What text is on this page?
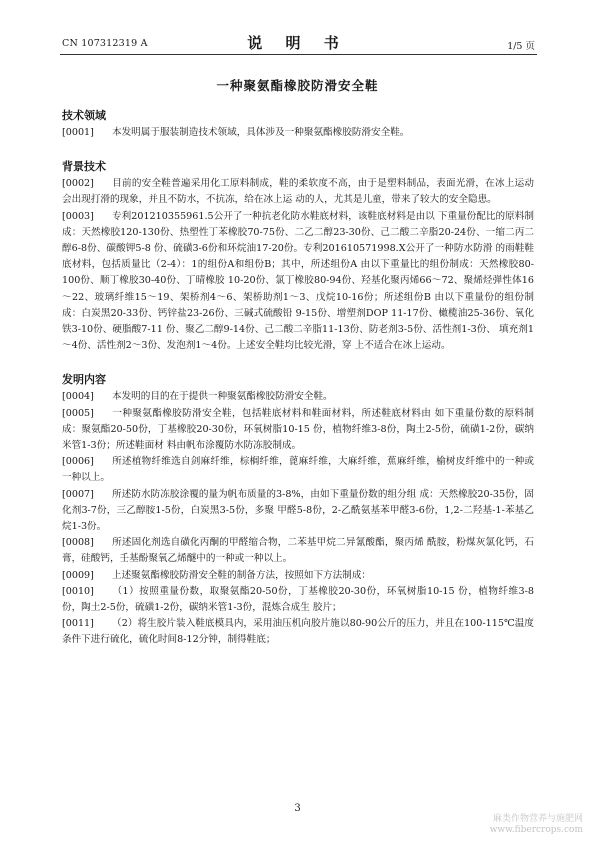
CN 107312319 A	说 明 书	1/5 页
一种聚氨酯橡胶防滑安全鞋
技术领域
[0001] 本发明属于服装制造技术领域，具体涉及一种聚氨酯橡胶防滑安全鞋。
背景技术
[0002] 目前的安全鞋普遍采用化工原料制成，鞋的柔软度不高，由于是塑料制品，表面光滑，在冰上运动会出现打滑的现象，并且不防水，不抗冻，给在冰上运 动的人，尤其是儿童，带来了较大的安全隐患。
[0003] 专利201210355961.5公开了一种抗老化防水鞋底材料，该鞋底材料是由以 下重量份配比的原料制成：天然橡胶120-130份、热塑性丁苯橡胶70-75份、二乙二醇23-30份、己二酸二辛脂20-24份、一缩二丙二醇6-8份、碳酸钾5-8 份、硫磺3-6份和环烷油17-20份。专利201610571998.X公开了一种防水防滑 的雨鞋鞋底材料，包括质量比（2-4）：1的组份A和组份B；其中，所述组份A 由以下重量比的组份制成：天然橡胶80-100份、顺丁橡胶30-40份、丁晴橡胶 10-20份、氯丁橡胶80-94份、羟基化聚丙烯66～72、聚烯烃弹性体16～22、玻璃纤维15～19、架桥剂4～6、架桥助剂1～3、戊烷10-16份；所述组份B 由以下重量份的组份制成：白炭黑20-33份、钙锌盐23-26份、三碱式硫酸铅 9-15份、增塑剂DOP 11-17份、橄榄油25-36份、氧化铁3-10份、硬脂酸7-11 份、聚乙二醇9-14份、己二酸二辛脂11-13份、防老剂3-5份、活性剂1-3份、 填充剂1～4份、活性剂2～3份、发泡剂1～4份。上述安全鞋均比较光滑，穿 上不适合在冰上运动。
发明内容
[0004] 本发明的目的在于提供一种聚氨酯橡胶防滑安全鞋。
[0005] 一种聚氨酯橡胶防滑安全鞋，包括鞋底材料和鞋面材料，所述鞋底材料由 如下重量份数的原料制成：聚氨酯20-50份，丁基橡胶20-30份，环氧树脂10-15 份，植物纤维3-8份，陶土2-5份，硫磺1-2份，碳纳米管1-3份；所述鞋面材 料由帆布涂覆防水防冻胶制成。
[0006] 所述植物纤维选自剑麻纤维，棕榈纤维，蓖麻纤维，大麻纤维，蕉麻纤维，榆树皮纤维中的一种或一种以上。
[0007] 所述防水防冻胶涂覆的量为帆布质量的3-8%，由如下重量份数的组分组 成：天然橡胶20-35份，固化剂3-7份，三乙醇胺1-5份，白炭黑3-5份，多聚 甲醛5-8份，2-乙酰氨基苯甲醛3-6份，1,2-二羟基-1-苯基乙烷1-3份。
[0008] 所述固化剂选自磺化丙酮的甲醛缩合物，二苯基甲烷二异氰酸酯，聚丙烯 酰胺，粉煤灰氯化钙，石膏，硅酸钙，壬基酚聚氧乙烯醚中的一种或一种以上。
[0009] 上述聚氨酯橡胶防滑安全鞋的制备方法，按照如下方法制成：
[0010] （1）按照重量份数，取聚氨酯20-50份，丁基橡胶20-30份，环氧树脂10-15 份，植物纤维3-8份，陶土2-5份，硫磺1-2份，碳纳米管1-3份，混炼合成生 胶片；
[0011] （2）将生胶片装入鞋底模具内，采用油压机向胶片施以80-90公斤的压力，并且在100-115℃温度条件下进行硫化，硫化时间8-12分钟，制得鞋底；
3
麻类作物营养与施肥网
www.fibercrops.com
